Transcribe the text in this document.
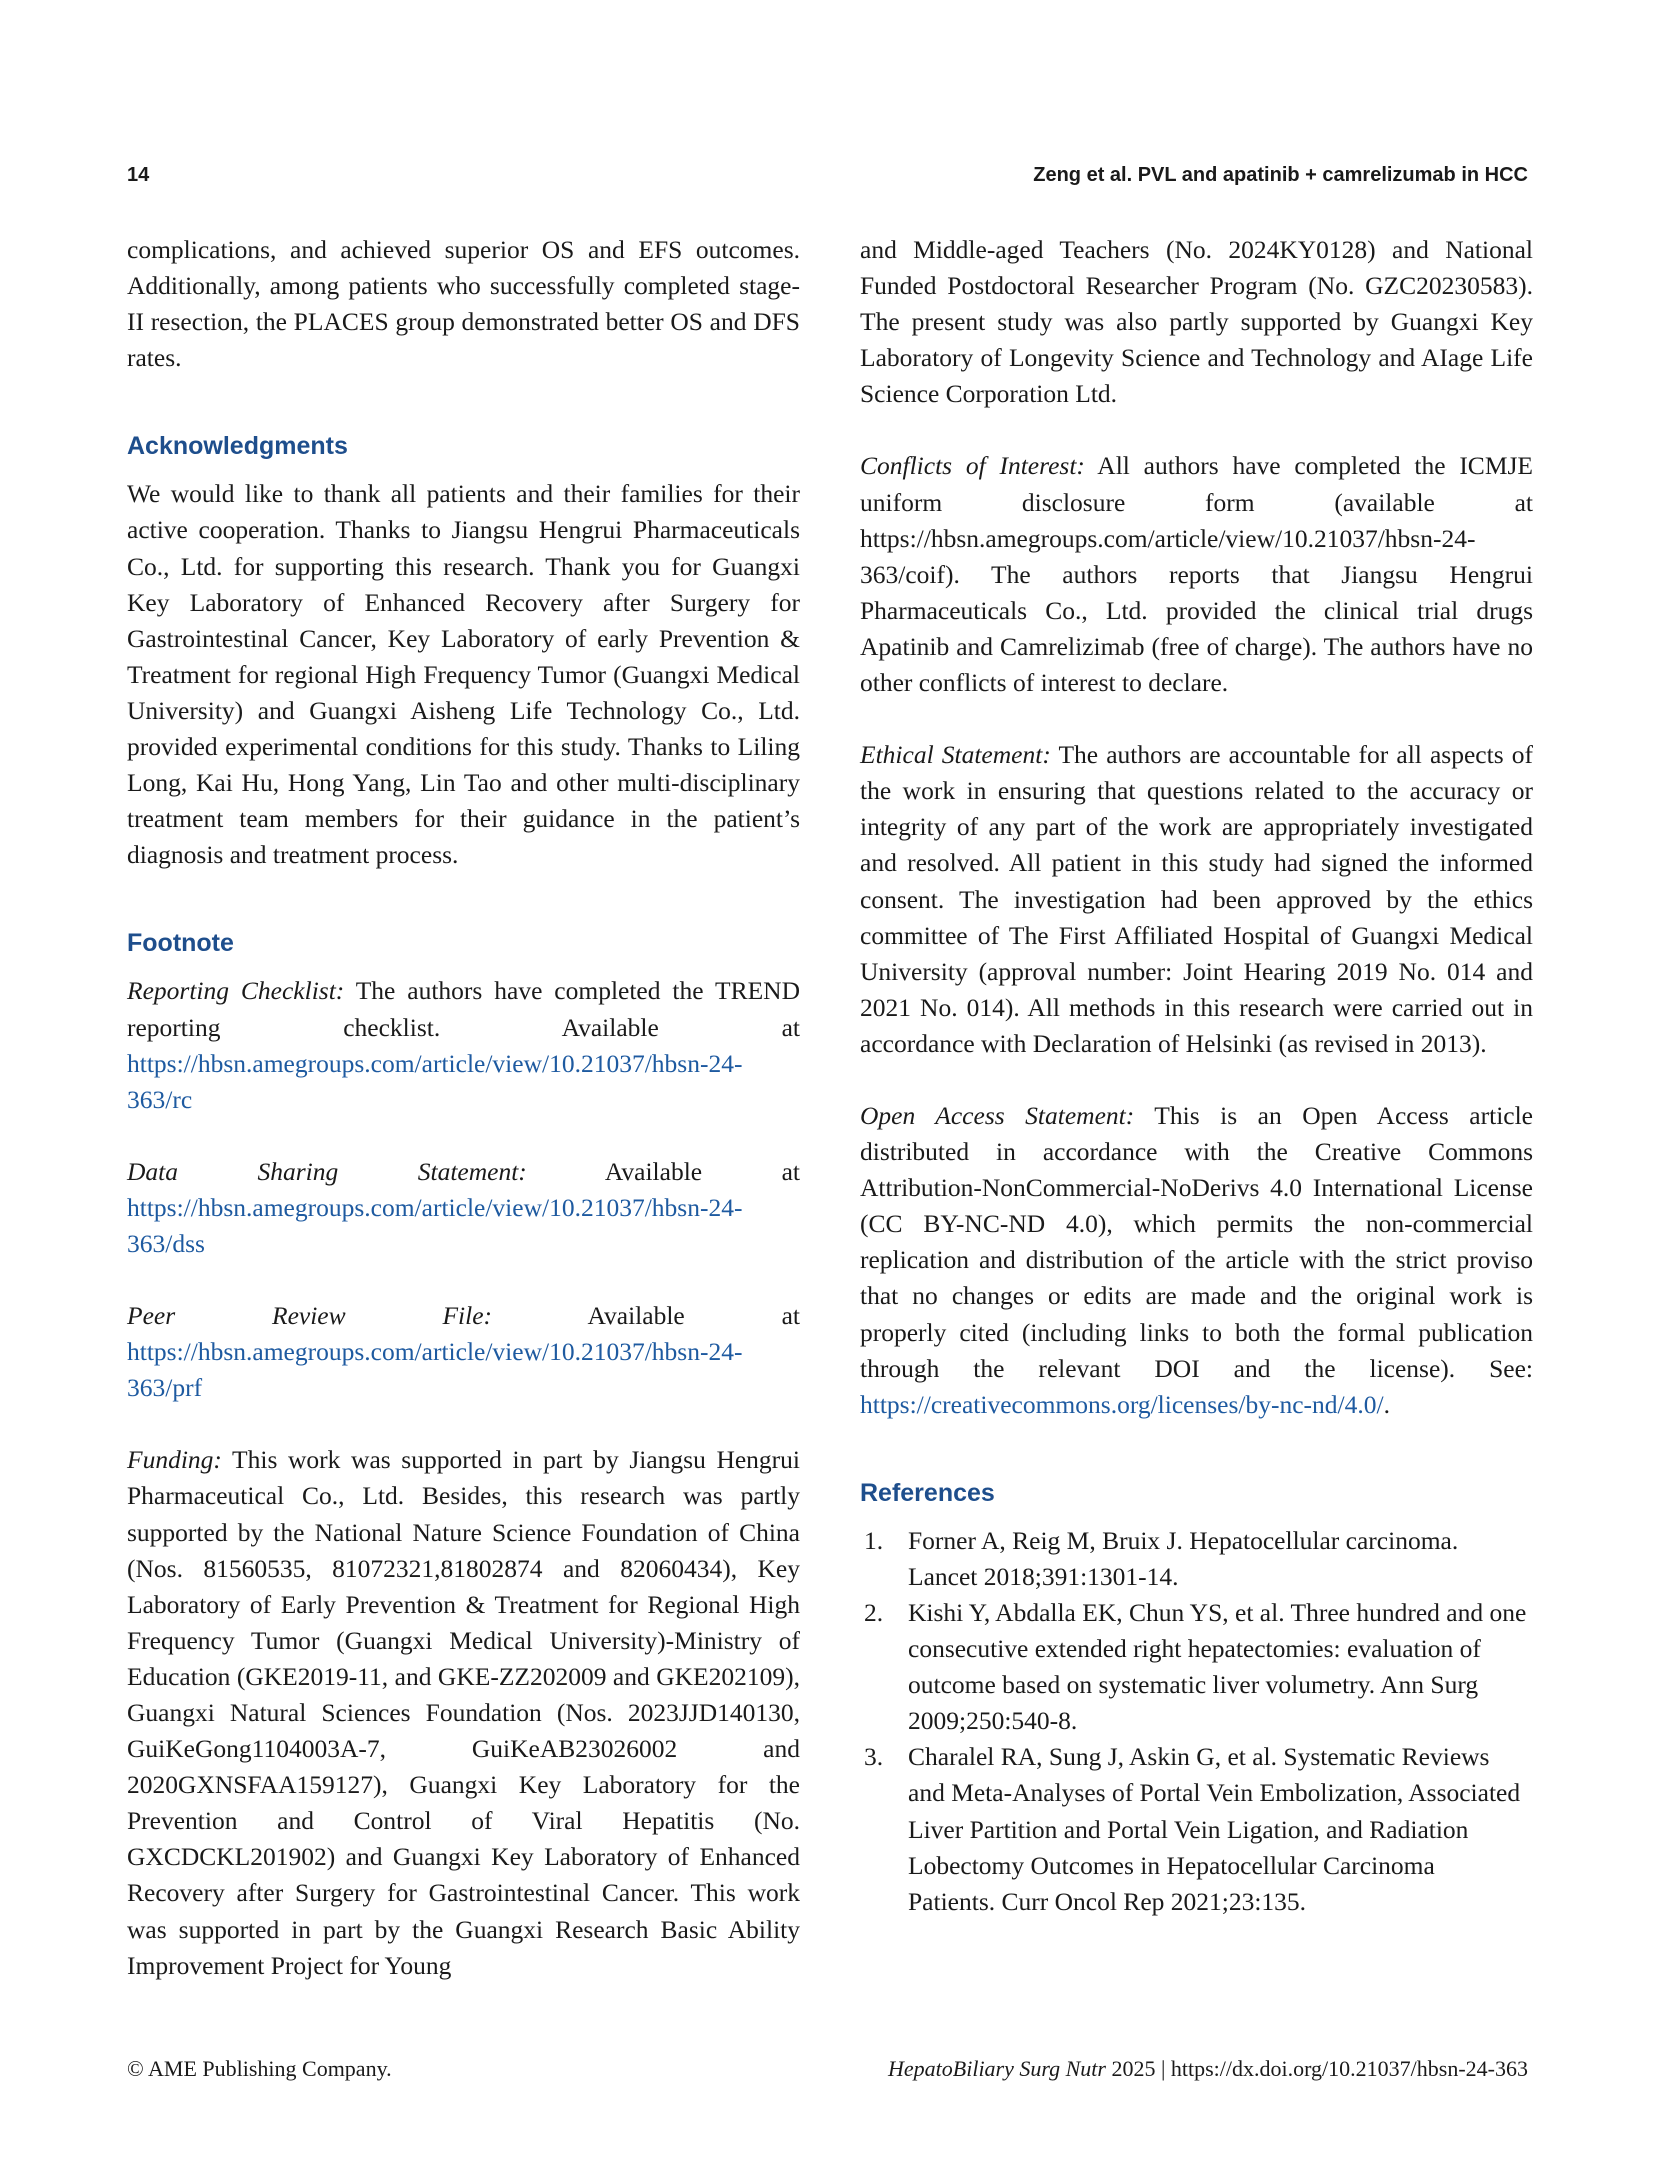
14	Zeng et al. PVL and apatinib + camrelizumab in HCC

complications, and achieved superior OS and EFS outcomes. Additionally, among patients who successfully completed stage-II resection, the PLACES group demonstrated better OS and DFS rates.

Acknowledgments

We would like to thank all patients and their families for their active cooperation. Thanks to Jiangsu Hengrui Pharmaceuticals Co., Ltd. for supporting this research. Thank you for Guangxi Key Laboratory of Enhanced Recovery after Surgery for Gastrointestinal Cancer, Key Laboratory of early Prevention & Treatment for regional High Frequency Tumor (Guangxi Medical University) and Guangxi Aisheng Life Technology Co., Ltd. provided experimental conditions for this study. Thanks to Liling Long, Kai Hu, Hong Yang, Lin Tao and other multi-disciplinary treatment team members for their guidance in the patient’s diagnosis and treatment process.

Footnote

Reporting Checklist: The authors have completed the TREND reporting checklist. Available at https://hbsn.amegroups.com/article/view/10.21037/hbsn-24-363/rc

Data Sharing Statement: Available at https://hbsn.amegroups.com/article/view/10.21037/hbsn-24-363/dss

Peer Review File: Available at https://hbsn.amegroups.com/article/view/10.21037/hbsn-24-363/prf

Funding: This work was supported in part by Jiangsu Hengrui Pharmaceutical Co., Ltd. Besides, this research was partly supported by the National Nature Science Foundation of China (Nos. 81560535, 81072321,81802874 and 82060434), Key Laboratory of Early Prevention & Treatment for Regional High Frequency Tumor (Guangxi Medical University)-Ministry of Education (GKE2019-11, and GKE-ZZ202009 and GKE202109), Guangxi Natural Sciences Foundation (Nos. 2023JJD140130, GuiKeGong1104003A-7, GuiKeAB23026002 and 2020GXNSFAA159127), Guangxi Key Laboratory for the Prevention and Control of Viral Hepatitis (No. GXCDCKL201902) and Guangxi Key Laboratory of Enhanced Recovery after Surgery for Gastrointestinal Cancer. This work was supported in part by the Guangxi Research Basic Ability Improvement Project for Young

and Middle-aged Teachers (No. 2024KY0128) and National Funded Postdoctoral Researcher Program (No. GZC20230583). The present study was also partly supported by Guangxi Key Laboratory of Longevity Science and Technology and AIage Life Science Corporation Ltd.

Conflicts of Interest: All authors have completed the ICMJE uniform disclosure form (available at https://hbsn.amegroups.com/article/view/10.21037/hbsn-24-363/coif). The authors reports that Jiangsu Hengrui Pharmaceuticals Co., Ltd. provided the clinical trial drugs Apatinib and Camrelizimab (free of charge). The authors have no other conflicts of interest to declare.

Ethical Statement: The authors are accountable for all aspects of the work in ensuring that questions related to the accuracy or integrity of any part of the work are appropriately investigated and resolved. All patient in this study had signed the informed consent. The investigation had been approved by the ethics committee of The First Affiliated Hospital of Guangxi Medical University (approval number: Joint Hearing 2019 No. 014 and 2021 No. 014). All methods in this research were carried out in accordance with Declaration of Helsinki (as revised in 2013).

Open Access Statement: This is an Open Access article distributed in accordance with the Creative Commons Attribution-NonCommercial-NoDerivs 4.0 International License (CC BY-NC-ND 4.0), which permits the non-commercial replication and distribution of the article with the strict proviso that no changes or edits are made and the original work is properly cited (including links to both the formal publication through the relevant DOI and the license). See: https://creativecommons.org/licenses/by-nc-nd/4.0/.

References
1. Forner A, Reig M, Bruix J. Hepatocellular carcinoma. Lancet 2018;391:1301-14.
2. Kishi Y, Abdalla EK, Chun YS, et al. Three hundred and one consecutive extended right hepatectomies: evaluation of outcome based on systematic liver volumetry. Ann Surg 2009;250:540-8.
3. Charalel RA, Sung J, Askin G, et al. Systematic Reviews and Meta-Analyses of Portal Vein Embolization, Associated Liver Partition and Portal Vein Ligation, and Radiation Lobectomy Outcomes in Hepatocellular Carcinoma Patients. Curr Oncol Rep 2021;23:135.
© AME Publishing Company.	HepatoBiliary Surg Nutr 2025 | https://dx.doi.org/10.21037/hbsn-24-363
